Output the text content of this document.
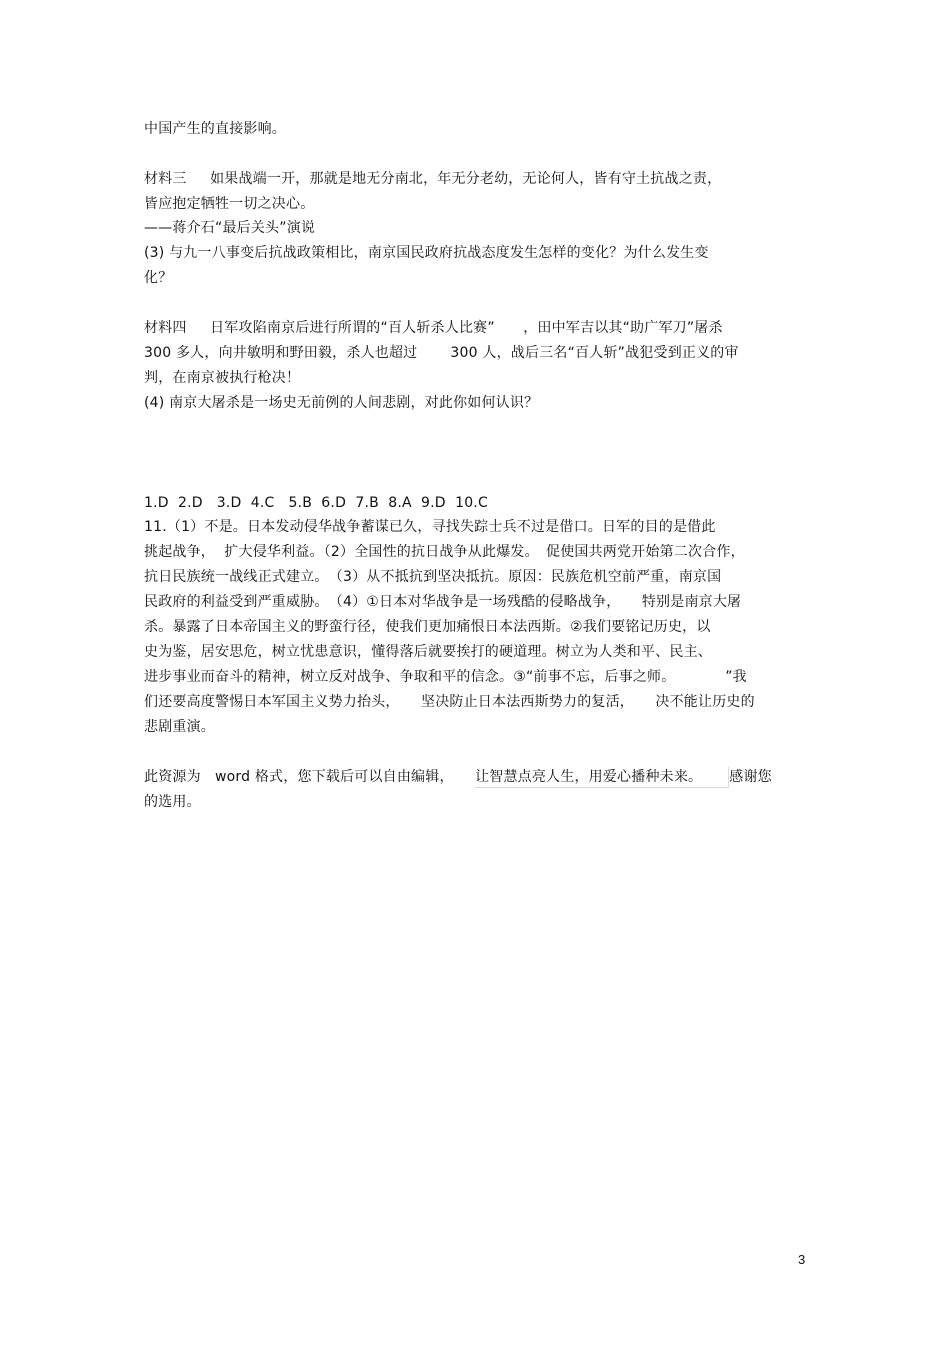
中国产生的直接影响。
材料三　  如果战端一开，那就是地无分南北，年无分老幼，无论何人，皆有守土抗战之责，
皆应抱定牺牲一切之决心。
——蒋介石“最后关头”演说
(3) 与九一八事变后抗战政策相比，南京国民政府抗战态度发生怎样的变化？为什么发生变
化？
材料四　  日军攻陷南京后进行所谓的“百人斩杀人比赛”　　，田中军吉以其“助广军刀”屠杀
300 多人，向井敏明和野田毅，杀人也超过　　 300 人，战后三名“百人斩”战犯受到正义的审
判，在南京被执行枪决！
(4) 南京大屠杀是一场史无前例的人间悲剧，对此你如何认识？
1.D  2.D   3.D  4.C   5.B  6.D  7.B  8.A  9.D  10.C
11.（1）不是。日本发动侵华战争蓄谋已久，寻找失踪士兵不过是借口。日军的目的是借此
挑起战争，  扩大侵华利益。（2）全国性的抗日战争从此爆发。　促使国共两党开始第二次合作，
抗日民族统一战线正式建立。　（3）从不抵抗到坚决抵抗。原因：民族危机空前严重，南京国
民政府的利益受到严重威胁。　（4）①日本对华战争是一场残酷的侵略战争，　　特别是南京大屠
杀。暴露了日本帝国主义的野蛮行径，使我们更加痛恨日本法西斯。②我们要铭记历史，以
史为鉴，居安思危，树立忧患意识，懂得落后就要挨打的硬道理。树立为人类和平、民主、
进步事业而奋斗的精神，树立反对战争、争取和平的信念。③“前事不忘，后事之师。　　　　”我
们还要高度警惕日本军国主义势力抬头，　　坚决防止日本法西斯势力的复活，　　决不能让历史的
悲剧重演。
此资源为　word 格式，您下载后可以自由编辑，　　让智慧点亮人生，用爱心播种未来。 感谢您
的选用。
3
